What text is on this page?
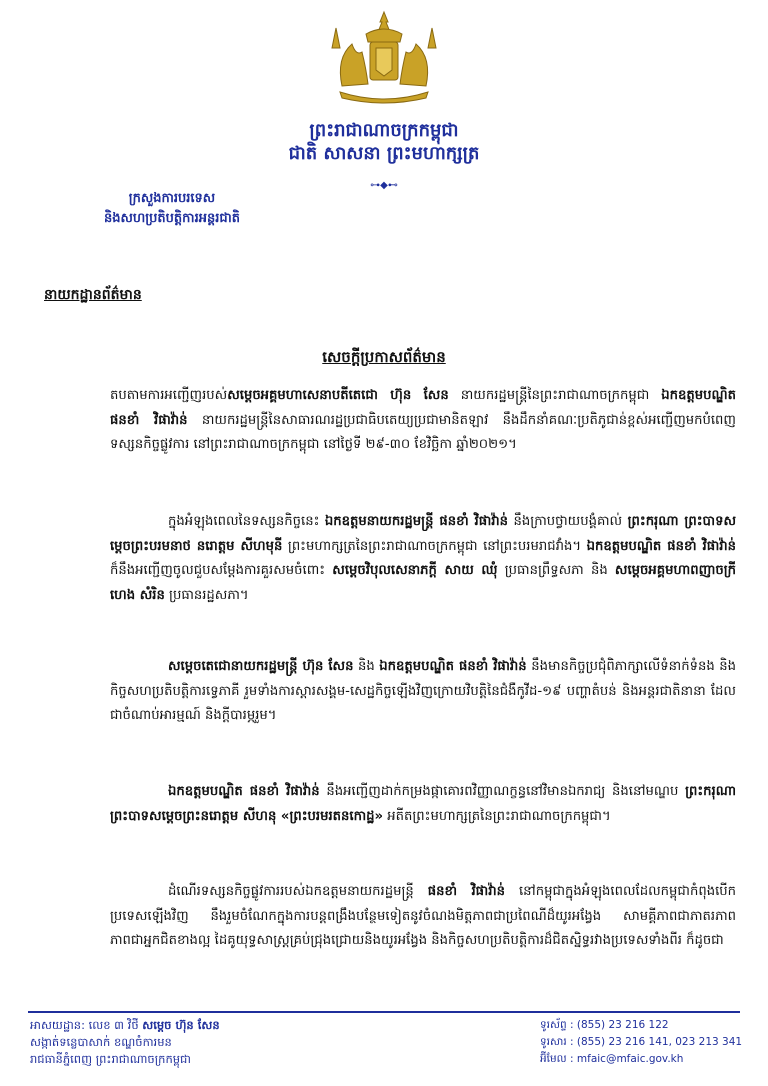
ព្រះរាជាណាចក្រកម្ពុជា
ជាតិ សាសនា ព្រះមហាក្សត្រ
⊶◆⊷
ក្រសួងការបរទេស
និងសហប្រតិបត្តិការអន្តរជាតិ
នាយកដ្ឋានព័ត៌មាន
សេចក្តីប្រកាសព័ត៌មាន
តបតាមការអញ្ជើញរបស់សម្តេចអគ្គមហាសេនាបតីតេជោ ហ៊ុន សែន នាយករដ្ឋមន្ត្រីនៃព្រះរាជាណាចក្រកម្ពុជា ឯកឧត្តមបណ្ឌិត ផនខាំ វិផាវ៉ាន់ នាយករដ្ឋមន្ត្រីនៃសាធារណរដ្ឋប្រជាធិបតេយ្យប្រជាមានិតឡាវ នឹងដឹកនាំគណៈប្រតិភូជាន់ខ្ពស់អញ្ជើញមកបំពេញទស្សនកិច្ចផ្លូវការ នៅព្រះរាជាណាចក្រកម្ពុជា នៅថ្ងៃទី ២៩-៣០ ខែវិច្ឆិកា ឆ្នាំ២០២១។
ក្នុងអំឡុងពេលនៃទស្សនកិច្ចនេះ ឯកឧត្តមនាយករដ្ឋមន្ត្រី ផនខាំ វិផាវ៉ាន់ នឹងក្រាបថ្វាយបង្គំគាល់ ព្រះករុណា ព្រះបាទសម្តេចព្រះបរមនាថ នរោត្តម សីហមុនី ព្រះមហាក្សត្រនៃព្រះរាជាណាចក្រកម្ពុជា នៅព្រះបរមរាជវាំង។ ឯកឧត្តមបណ្ឌិត ផនខាំ វិផាវ៉ាន់ ក៏នឹងអញ្ជើញចូលជួបសម្តែងការគួរសមចំពោះ សម្តេចវិបុលសេនាភក្តី សាយ ឈុំ ប្រធានព្រឹទ្ធសភា និង សម្តេចអគ្គមហាពញាចក្រី ហេង សំរិន ប្រធានរដ្ឋសភា។
សម្តេចតេជោនាយករដ្ឋមន្ត្រី ហ៊ុន សែន និង ឯកឧត្តមបណ្ឌិត ផនខាំ វិផាវ៉ាន់ នឹងមានកិច្ចប្រជុំពិភាក្សាលើទំនាក់ទំនង និងកិច្ចសហប្រតិបត្តិការទ្វេភាគី រួមទាំងការស្តារសង្គម-សេដ្ឋកិច្ចឡើងវិញក្រោយវិបត្តិនៃជំងឺកូវីដ-១៩ បញ្ហាតំបន់ និងអន្តរជាតិនានា ដែលជាចំណាប់អារម្មណ៍ និងក្តីបារម្ភរួម។
ឯកឧត្តមបណ្ឌិត ផនខាំ វិផាវ៉ាន់ នឹងអញ្ជើញដាក់កម្រងផ្កាគោរពវិញ្ញាណក្ខន្ធនៅវិមានឯករាជ្យ និងនៅមណ្ឌប ព្រះករុណា ព្រះបាទសម្តេចព្រះនរោត្តម សីហនុ «ព្រះបរមរតនកោដ្ឋ» អតីតព្រះមហាក្សត្រនៃព្រះរាជាណាចក្រកម្ពុជា។
ដំណើរទស្សនកិច្ចផ្លូវការរបស់ឯកឧត្តមនាយករដ្ឋមន្ត្រី ផនខាំ វិផាវ៉ាន់ នៅកម្ពុជាក្នុងអំឡុងពេលដែលកម្ពុជាកំពុងបើកប្រទេសឡើងវិញ នឹងរួមចំណែកក្នុងការបន្តពង្រឹងបន្ថែមទៀតនូវចំណងមិត្តភាពជាប្រពៃណីដ៏យូរអង្វែង សាមគ្គីភាពជាភាតរភាព ភាពជាអ្នកជិតខាងល្អ ដៃគូយុទ្ធសាស្ត្រគ្រប់ជ្រុងជ្រោយនិងយូរអង្វែង និងកិច្ចសហប្រតិបត្តិការដ៏ជិតស្និទ្ធរវាងប្រទេសទាំងពីរ ក៏ដូចជា
អាសយដ្ឋាន: លេខ ៣ វិថី សម្តេច ហ៊ុន សែន
សង្កាត់ទន្លេបាសាក់ ខណ្ឌចំការមន
រាជធានីភ្នំពេញ ព្រះរាជាណាចក្រកម្ពុជា
ទូរស័ព្ទ : (855) 23 216 122
ទូរសារ : (855) 23 216 141, 023 213 341
អ៊ីមែល : mfaic@mfaic.gov.kh
